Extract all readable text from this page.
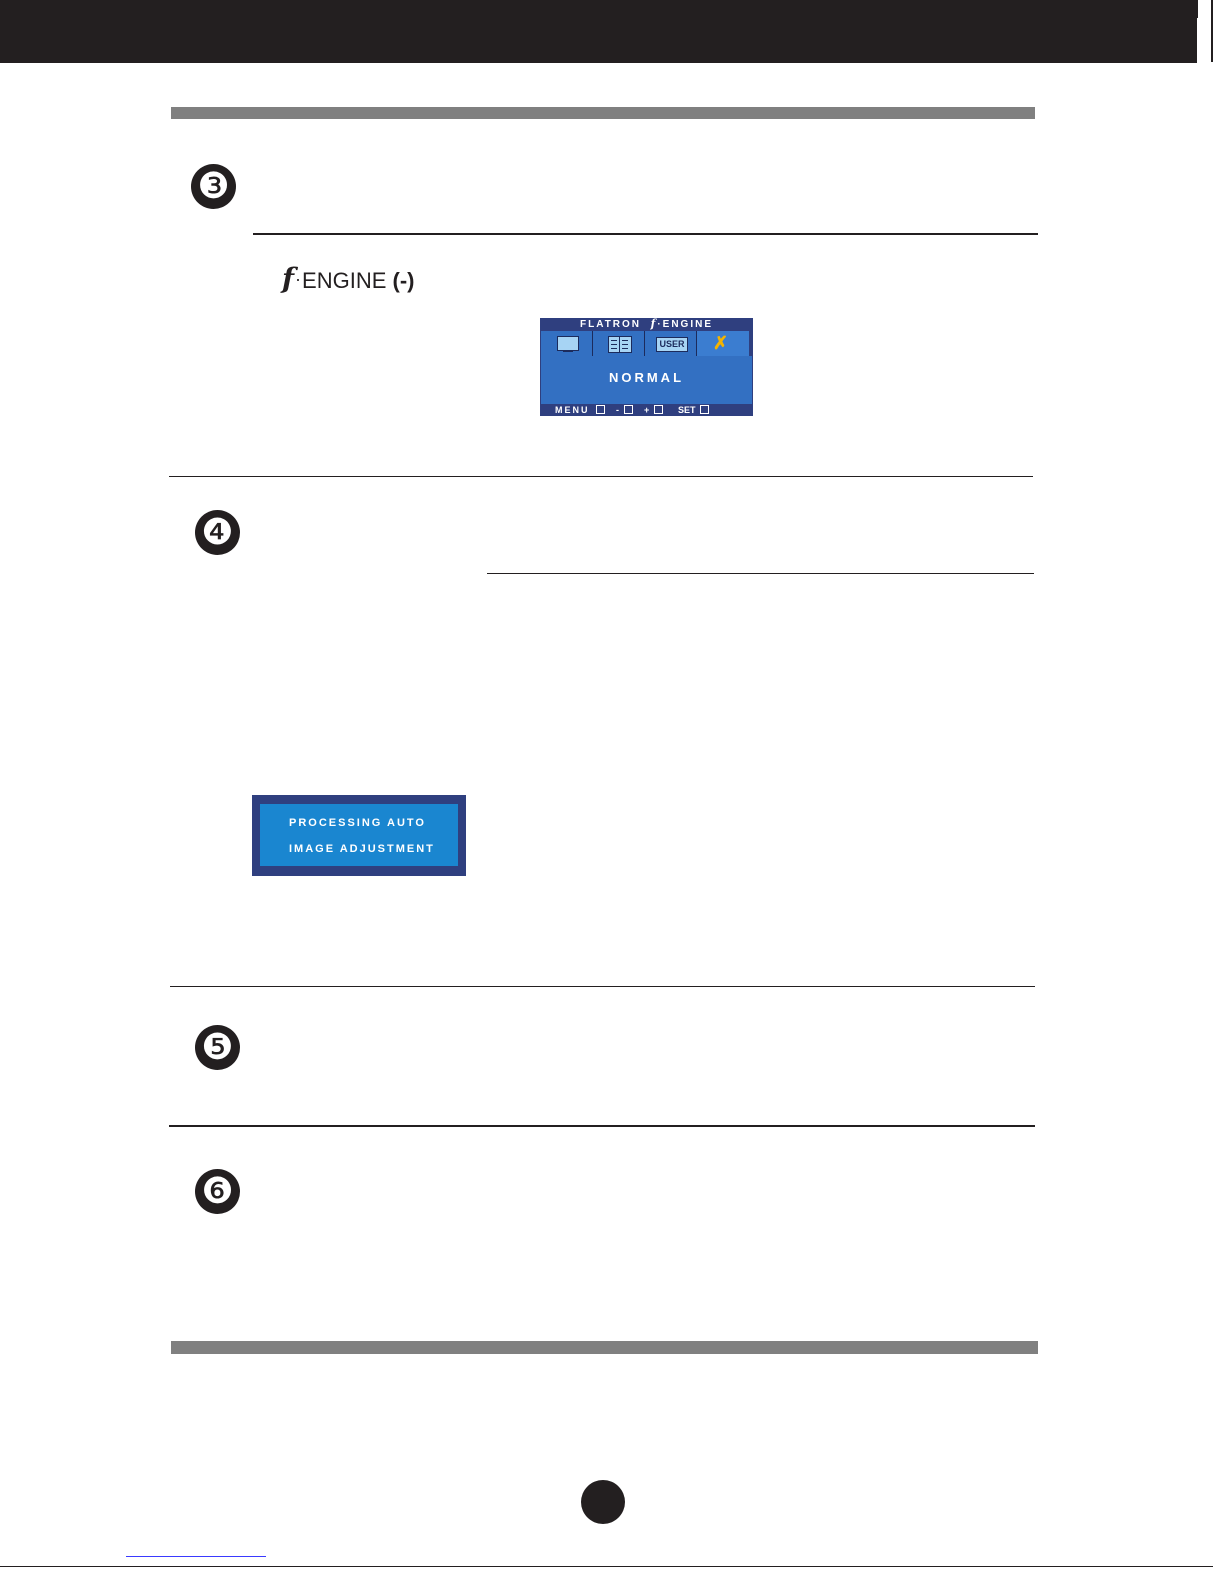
❸
f·ENGINE (-)
FLATRON f·ENGINE
USER ✗
NORMAL
MENU	-	+	SET
❹
PROCESSING AUTO
IMAGE ADJUSTMENT
❺
❻
